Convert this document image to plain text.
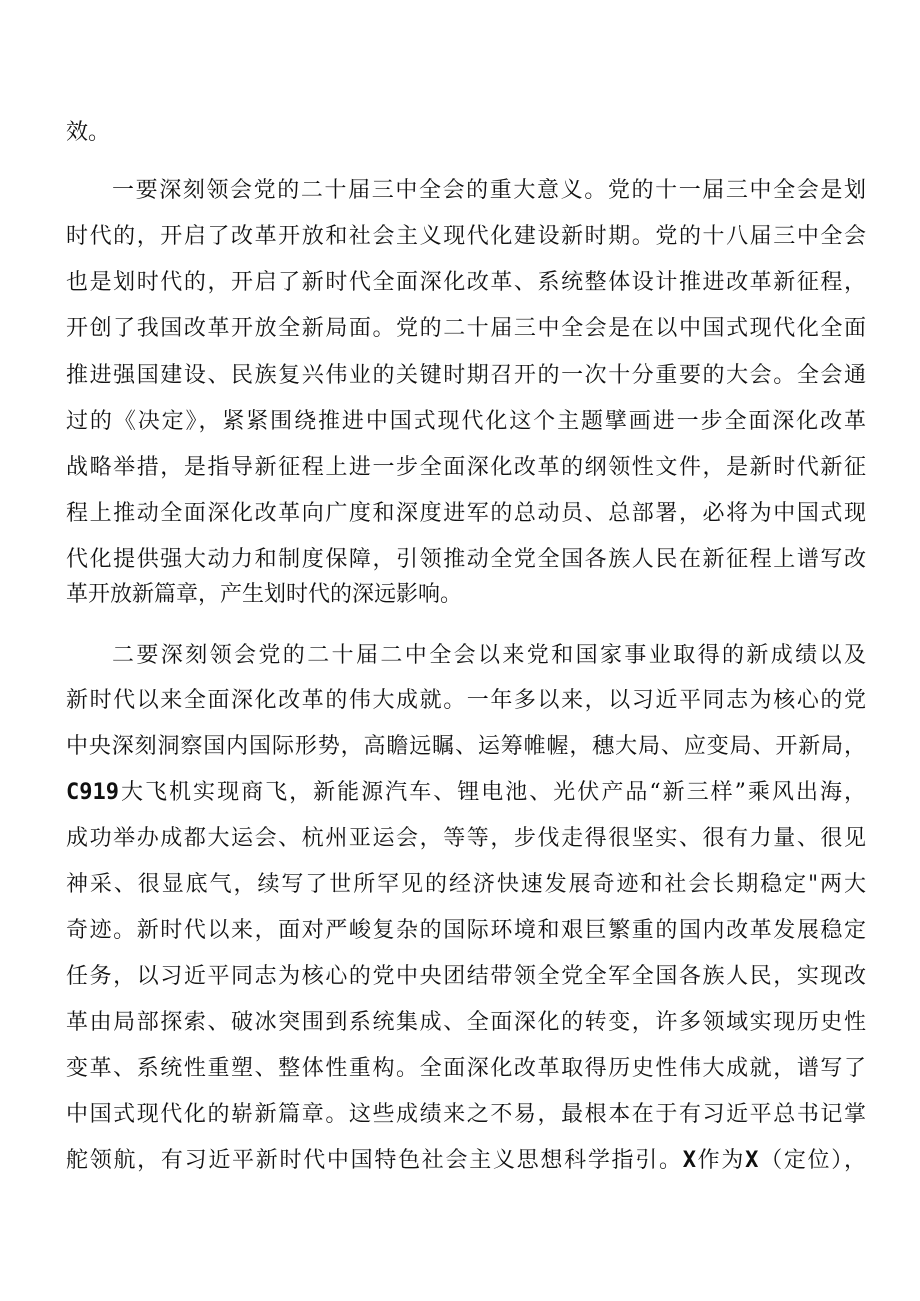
效。

一要深刻领会党的二十届三中全会的重大意义。党的十一届三中全会是划

时代的，开启了改革开放和社会主义现代化建设新时期。党的十八届三中全会

也是划时代的，开启了新时代全面深化改革、系统整体设计推进改革新征程，

开创了我国改革开放全新局面。党的二十届三中全会是在以中国式现代化全面

推进强国建设、民族复兴伟业的关键时期召开的一次十分重要的大会。全会通

过的《决定》，紧紧围绕推进中国式现代化这个主题擘画进一步全面深化改革

战略举措，是指导新征程上进一步全面深化改革的纲领性文件，是新时代新征

程上推动全面深化改革向广度和深度进军的总动员、总部署，必将为中国式现

代化提供强大动力和制度保障，引领推动全党全国各族人民在新征程上谱写改

革开放新篇章，产生划时代的深远影响。

二要深刻领会党的二十届二中全会以来党和国家事业取得的新成绩以及

新时代以来全面深化改革的伟大成就。一年多以来，以习近平同志为核心的党

中央深刻洞察国内国际形势，高瞻远瞩、运筹帷幄，穗大局、应变局、开新局，

C919大飞机实现商飞，新能源汽车、锂电池、光伏产品“新三样”乘风出海，

成功举办成都大运会、杭州亚运会，等等，步伐走得很坚实、很有力量、很见

神采、很显底气，续写了世所罕见的经济快速发展奇迹和社会长期稳定"两大

奇迹。新时代以来，面对严峻复杂的国际环境和艰巨繁重的国内改革发展稳定

任务，以习近平同志为核心的党中央团结带领全党全军全国各族人民，实现改

革由局部探索、破冰突围到系统集成、全面深化的转变，许多领域实现历史性

变革、系统性重塑、整体性重构。全面深化改革取得历史性伟大成就，谱写了

中国式现代化的崭新篇章。这些成绩来之不易，最根本在于有习近平总书记掌

舵领航，有习近平新时代中国特色社会主义思想科学指引。X作为X（定位），
